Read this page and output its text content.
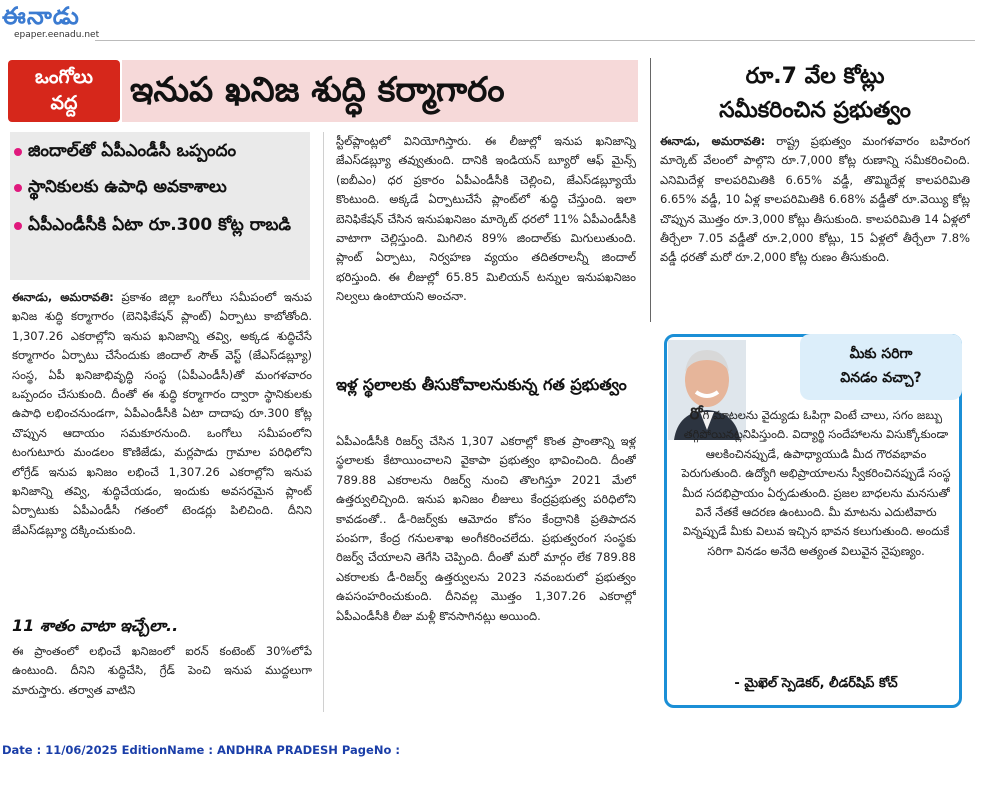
ఈనాడు
epaper.eenadu.net
ఒంగోలు
వద్ద	ఇనుప ఖనిజ శుద్ధి కర్మాగారం
జిందాల్‌తో ఏపీఎండీసీ ఒప్పందం
స్థానికులకు ఉపాధి అవకాశాలు
ఏపీఎండీసీకి ఏటా రూ.300 కోట్ల రాబడి

ఈనాడు, అమరావతి: ప్రకాశం జిల్లా ఒంగోలు సమీపంలో ఇనుప ఖనిజ శుద్ధి కర్మాగారం (బెనిఫికేషన్ ప్లాంట్) ఏర్పాటు కాబోతోంది. 1,307.26 ఎకరాల్లోని ఇనుప ఖనిజాన్ని తవ్వి, అక్కడ శుద్ధిచేసే కర్మాగారం ఏర్పాటు చేసేందుకు జిందాల్ సౌత్ వెస్ట్ (జేఎస్‌డబ్ల్యూ) సంస్థ, ఏపీ ఖనిజాభివృద్ధి సంస్థ (ఏపీఎండీసీ)తో మంగళవారం ఒప్పందం చేసుకుంది. దీంతో ఈ శుద్ధి కర్మాగారం ద్వారా స్థానికులకు ఉపాధి లభించనుండగా, ఏపీఎండీసీకి ఏటా దాదాపు రూ.300 కోట్ల చొప్పున ఆదాయం సమకూరనుంది. ఒంగోలు సమీపంలోని టంగుటూరు మండలం కొణిజేడు, మర్లపాడు గ్రామాల పరిధిలోని లోగ్రేడ్ ఇనుప ఖనిజం లభించే 1,307.26 ఎకరాల్లోని ఇనుప ఖనిజాన్ని తవ్వి, శుద్ధిచేయడం, ఇందుకు అవసరమైన ప్లాంట్ ఏర్పాటుకు ఏపీఎండీసీ గతంలో టెండర్లు పిలిచింది. దీనిని జేఎస్‌డబ్ల్యూ దక్కించుకుంది.

11 శాతం వాటా ఇచ్చేలా..

ఈ ప్రాంతంలో లభించే ఖనిజంలో ఐరన్ కంటెంట్ 30%లోపే ఉంటుంది. దీనిని శుద్ధిచేసి, గ్రేడ్ పెంచి ఇనుప ముద్దలుగా మారుస్తారు. తర్వాత వాటిని

స్టీల్‌ప్లాంట్లలో వినియోగిస్తారు. ఈ లీజుల్లో ఇనుప ఖనిజాన్ని జేఎస్‌డబ్ల్యూ తవ్వుతుంది. దానికి ఇండియన్ బ్యూరో ఆఫ్ మైన్స్ (ఐబీఎం) ధర ప్రకారం ఏపీఎండీసీకి చెల్లించి, జేఎస్‌డబ్ల్యూయే కొంటుంది. అక్కడే ఏర్పాటుచేసే ప్లాంట్‌లో శుద్ధి చేస్తుంది. ఇలా బెనిఫికేషన్ చేసిన ఇనుపఖనిజం మార్కెట్ ధరలో 11% ఏపీఎండీసీకి వాటాగా చెల్లిస్తుంది. మిగిలిన 89% జిందాల్‌కు మిగులుతుంది. ప్లాంట్ ఏర్పాటు, నిర్వహణ వ్యయం తదితరాలన్నీ జిందాల్ భరిస్తుంది. ఈ లీజుల్లో 65.85 మిలియన్ టన్నుల ఇనుపఖనిజం నిల్వలు ఉంటాయని అంచనా.

ఇళ్ల స్థలాలకు తీసుకోవాలనుకున్న గత ప్రభుత్వం

ఏపీఎండీసీకి రిజర్వ్ చేసిన 1,307 ఎకరాల్లో కొంత ప్రాంతాన్ని ఇళ్ల స్థలాలకు కేటాయించాలని వైకాపా ప్రభుత్వం భావించింది. దీంతో 789.88 ఎకరాలను రిజర్వ్ నుంచి తొలగిస్తూ 2021 మేలో ఉత్తర్వులిచ్చింది. ఇనుప ఖనిజం లీజులు కేంద్రప్రభుత్వ పరిధిలోని కావడంతో.. డీ-రిజర్వ్‌కు ఆమోదం కోసం కేంద్రానికి ప్రతిపాదన పంపగా, కేంద్ర గనులశాఖ అంగీకరించలేదు. ప్రభుత్వరంగ సంస్థకు రిజర్వ్ చేయాలని తెగేసి చెప్పింది. దీంతో మరో మార్గం లేక 789.88 ఎకరాలకు డీ-రిజర్వ్ ఉత్తర్వులను 2023 నవంబరులో ప్రభుత్వం ఉపసంహరించుకుంది. దీనివల్ల మొత్తం 1,307.26 ఎకరాల్లో ఏపీఎండీసీకి లీజు మళ్లీ కొనసాగినట్లు అయింది.

రూ.7 వేల కోట్లు
సమీకరించిన ప్రభుత్వం

ఈనాడు, అమరావతి: రాష్ట్ర ప్రభుత్వం మంగళవారం బహిరంగ మార్కెట్ వేలంలో పాల్గొని రూ.7,000 కోట్ల రుణాన్ని సమీకరించింది. ఎనిమిదేళ్ల కాలపరిమితికి 6.65% వడ్డీ, తొమ్మిదేళ్ల కాలపరిమితి 6.65% వడ్డీ, 10 ఏళ్ల కాలపరిమితికి 6.68% వడ్డీతో రూ.వెయ్యి కోట్ల చొప్పున మొత్తం రూ.3,000 కోట్లు తీసుకుంది. కాలపరిమితి 14 ఏళ్లలో తీర్చేలా 7.05 వడ్డీతో రూ.2,000 కోట్లు, 15 ఏళ్లలో తీర్చేలా 7.8% వడ్డీ ధరతో మరో రూ.2,000 కోట్ల రుణం తీసుకుంది.

మీకు సరిగా
వినడం వచ్చా?

రోగి మాటలను వైద్యుడు ఓపిగ్గా వింటే చాలు, సగం జబ్బు తగ్గిపోయినట్లనిపిస్తుంది. విద్యార్థి సందేహాలను విసుక్కోకుండా ఆలకించినప్పుడే, ఉపాధ్యాయుడి మీద గౌరవభావం పెరుగుతుంది. ఉద్యోగి అభిప్రాయాలను స్వీకరించినప్పుడే సంస్థ మీద సదభిప్రాయం ఏర్పడుతుంది. ప్రజల బాధలను మనసుతో వినే నేతకే ఆదరణ ఉంటుంది. మీ మాటను ఎదుటివారు విన్నప్పుడే మీకు విలువ ఇచ్చిన భావన కలుగుతుంది. అందుకే సరిగా వినడం అనేది అత్యంత విలువైన నైపుణ్యం.

- మైఖెల్ స్పెడెకర్, లీడర్‌షిప్ కోచ్
Date : 11/06/2025 EditionName : ANDHRA PRADESH PageNo :
